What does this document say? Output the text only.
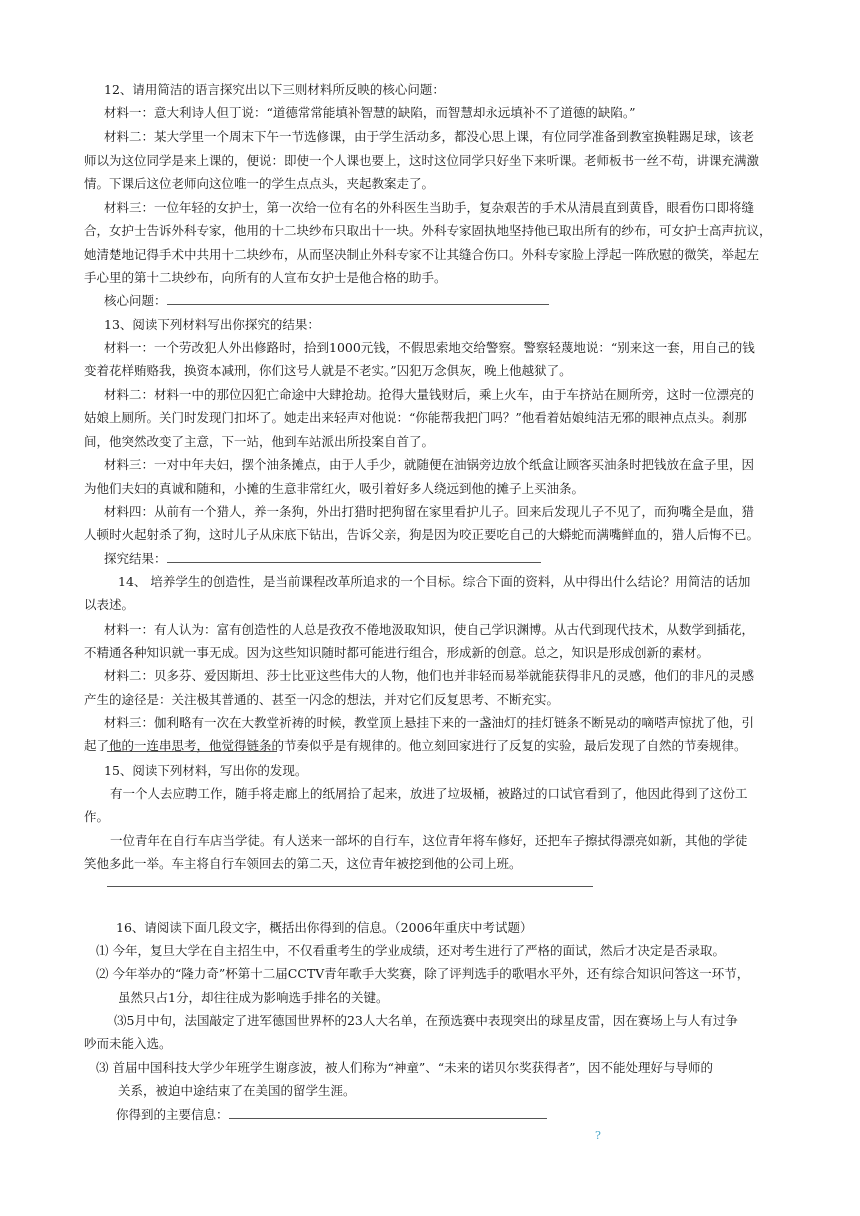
12、请用简洁的语言探究出以下三则材料所反映的核心问题：
材料一：意大利诗人但丁说：“道德常常能填补智慧的缺陷，而智慧却永远填补不了道德的缺陷。”
材料二：某大学里一个周末下午一节选修课，由于学生活动多，都没心思上课，有位同学准备到教室换鞋踢足球，该老
师以为这位同学是来上课的，便说：即使一个人课也要上，这时这位同学只好坐下来听课。老师板书一丝不苟，讲课充满激
情。下课后这位老师向这位唯一的学生点点头，夹起教案走了。
材料三：一位年轻的女护士，第一次给一位有名的外科医生当助手，复杂艰苦的手术从清晨直到黄昏，眼看伤口即将缝
合，女护士告诉外科专家，他用的十二块纱布只取出十一块。外科专家固执地坚持他已取出所有的纱布，可女护士高声抗议，
她清楚地记得手术中共用十二块纱布，从而坚决制止外科专家不让其缝合伤口。外科专家脸上浮起一阵欣慰的微笑，举起左
手心里的第十二块纱布，向所有的人宣布女护士是他合格的助手。
核心问题：
13、阅读下列材料写出你探究的结果：
材料一：一个劳改犯人外出修路时，拾到1000元钱，不假思索地交给警察。警察轻蔑地说：“别来这一套，用自己的钱
变着花样贿赂我，换资本减刑，你们这号人就是不老实。”囚犯万念俱灰，晚上他越狱了。
材料二：材料一中的那位囚犯亡命途中大肆抢劫。抢得大量钱财后，乘上火车，由于车挤站在厕所旁，这时一位漂亮的
姑娘上厕所。关门时发现门扣坏了。她走出来轻声对他说：“你能帮我把门吗？”他看着姑娘纯洁无邪的眼神点点头。刹那
间，他突然改变了主意，下一站，他到车站派出所投案自首了。
材料三：一对中年夫妇，摆个油条摊点，由于人手少，就随便在油锅旁边放个纸盒让顾客买油条时把钱放在盒子里，因
为他们夫妇的真诚和随和，小摊的生意非常红火，吸引着好多人绕远到他的摊子上买油条。
材料四：从前有一个猎人，养一条狗，外出打猎时把狗留在家里看护儿子。回来后发现儿子不见了，而狗嘴全是血，猎
人顿时火起射杀了狗，这时儿子从床底下钻出，告诉父亲，狗是因为咬正要吃自己的大蟒蛇而满嘴鲜血的，猎人后悔不已。
探究结果：
14、 培养学生的创造性，是当前课程改革所追求的一个目标。综合下面的资料，从中得出什么结论？用简洁的话加
以表述。
材料一：有人认为：富有创造性的人总是孜孜不倦地汲取知识，使自己学识渊博。从古代到现代技术，从数学到插花，
不精通各种知识就一事无成。因为这些知识随时都可能进行组合，形成新的创意。总之，知识是形成创新的素材。
材料二：贝多芬、爱因斯坦、莎士比亚这些伟大的人物，他们也并非轻而易举就能获得非凡的灵感，他们的非凡的灵感
产生的途径是：关注极其普通的、甚至一闪念的想法，并对它们反复思考、不断充实。
材料三：伽利略有一次在大教堂祈祷的时候，教堂顶上悬挂下来的一盏油灯的挂灯链条不断晃动的嘀嗒声惊扰了他，引
起了他的一连串思考，他觉得链条的节奏似乎是有规律的。他立刻回家进行了反复的实验，最后发现了自然的节奏规律。
15、阅读下列材料，写出你的发现。
有一个人去应聘工作，随手将走廊上的纸屑拾了起来，放进了垃圾桶，被路过的口试官看到了，他因此得到了这份工
作。
一位青年在自行车店当学徒。有人送来一部坏的自行车，这位青年将车修好，还把车子擦拭得漂亮如新，其他的学徒
笑他多此一举。车主将自行车领回去的第二天，这位青年被挖到他的公司上班。
16、请阅读下面几段文字，概括出你得到的信息。（2006年重庆中考试题）
⑴ 今年，复旦大学在自主招生中，不仅看重考生的学业成绩，还对考生进行了严格的面试，然后才决定是否录取。
⑵ 今年举办的“隆力奇”杯第十二届CCTV青年歌手大奖赛，除了评判选手的歌唱水平外，还有综合知识问答这一环节，
虽然只占1分，却往往成为影响选手排名的关键。
⑶5月中旬，法国敲定了进军德国世界杯的23人大名单，在预选赛中表现突出的球星皮雷，因在赛场上与人有过争
吵而未能入选。
⑶ 首届中国科技大学少年班学生谢彦波，被人们称为“神童”、“未来的诺贝尔奖获得者”，因不能处理好与导师的
关系，被迫中途结束了在美国的留学生涯。
你得到的主要信息：
?
